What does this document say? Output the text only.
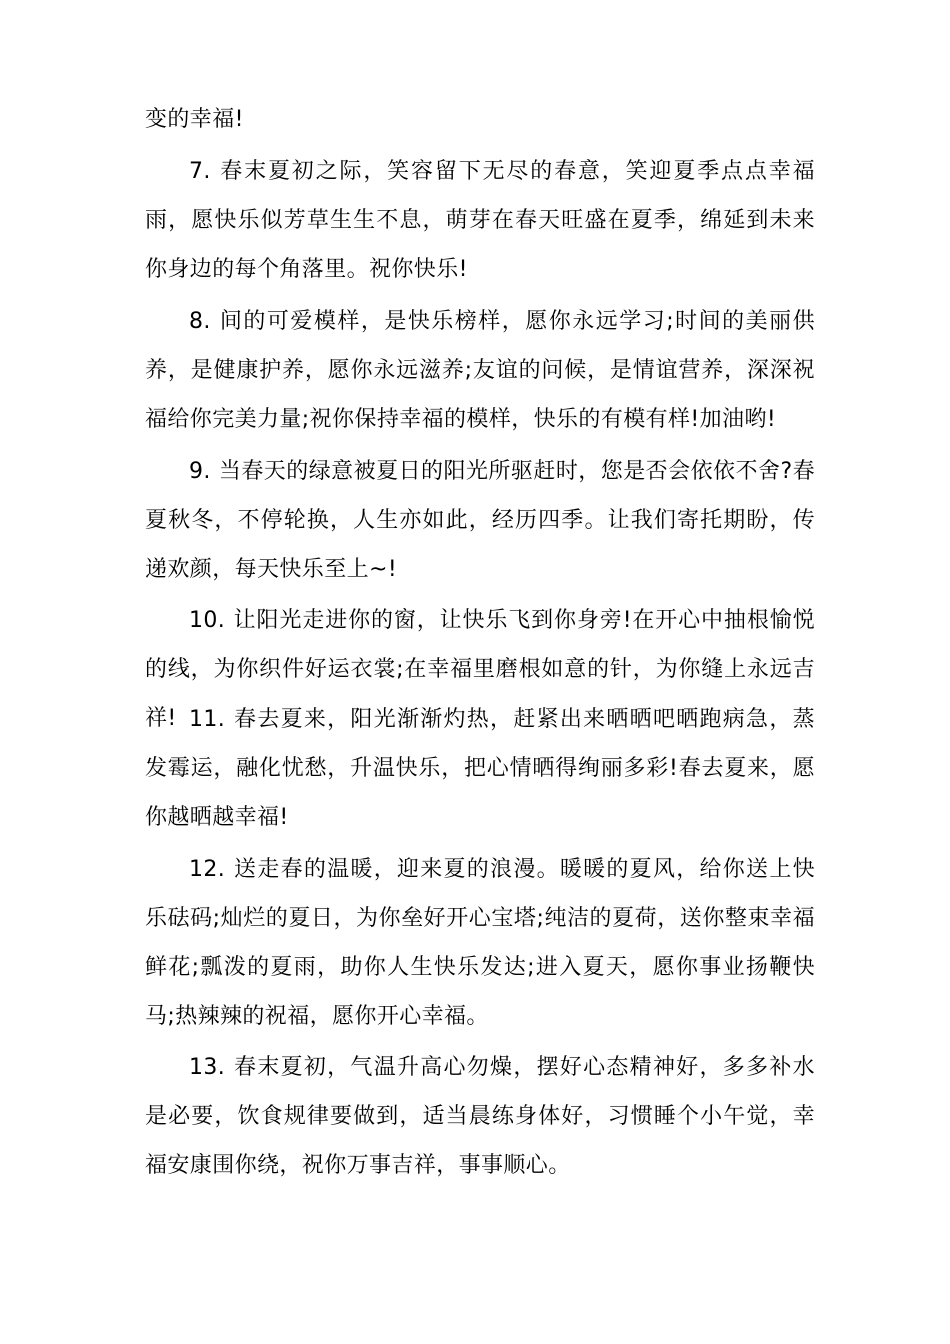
变的幸福!

7. 春末夏初之际，笑容留下无尽的春意，笑迎夏季点点幸福雨，愿快乐似芳草生生不息，萌芽在春天旺盛在夏季，绵延到未来你身边的每个角落里。祝你快乐!

8. 间的可爱模样，是快乐榜样，愿你永远学习;时间的美丽供养，是健康护养，愿你永远滋养;友谊的问候，是情谊营养，深深祝福给你完美力量;祝你保持幸福的模样，快乐的有模有样!加油哟!

9. 当春天的绿意被夏日的阳光所驱赶时，您是否会依依不舍?春夏秋冬，不停轮换，人生亦如此，经历四季。让我们寄托期盼，传递欢颜，每天快乐至上~!

10. 让阳光走进你的窗，让快乐飞到你身旁!在开心中抽根愉悦的线，为你织件好运衣裳;在幸福里磨根如意的针，为你缝上永远吉祥! 11. 春去夏来，阳光渐渐灼热，赶紧出来晒晒吧晒跑病急，蒸发霉运，融化忧愁，升温快乐，把心情晒得绚丽多彩!春去夏来，愿你越晒越幸福!

12. 送走春的温暖，迎来夏的浪漫。暖暖的夏风，给你送上快乐砝码;灿烂的夏日，为你垒好开心宝塔;纯洁的夏荷，送你整束幸福鲜花;瓢泼的夏雨，助你人生快乐发达;进入夏天，愿你事业扬鞭快马;热辣辣的祝福，愿你开心幸福。

13. 春末夏初，气温升高心勿燥，摆好心态精神好，多多补水是必要，饮食规律要做到，适当晨练身体好，习惯睡个小午觉，幸福安康围你绕，祝你万事吉祥，事事顺心。
